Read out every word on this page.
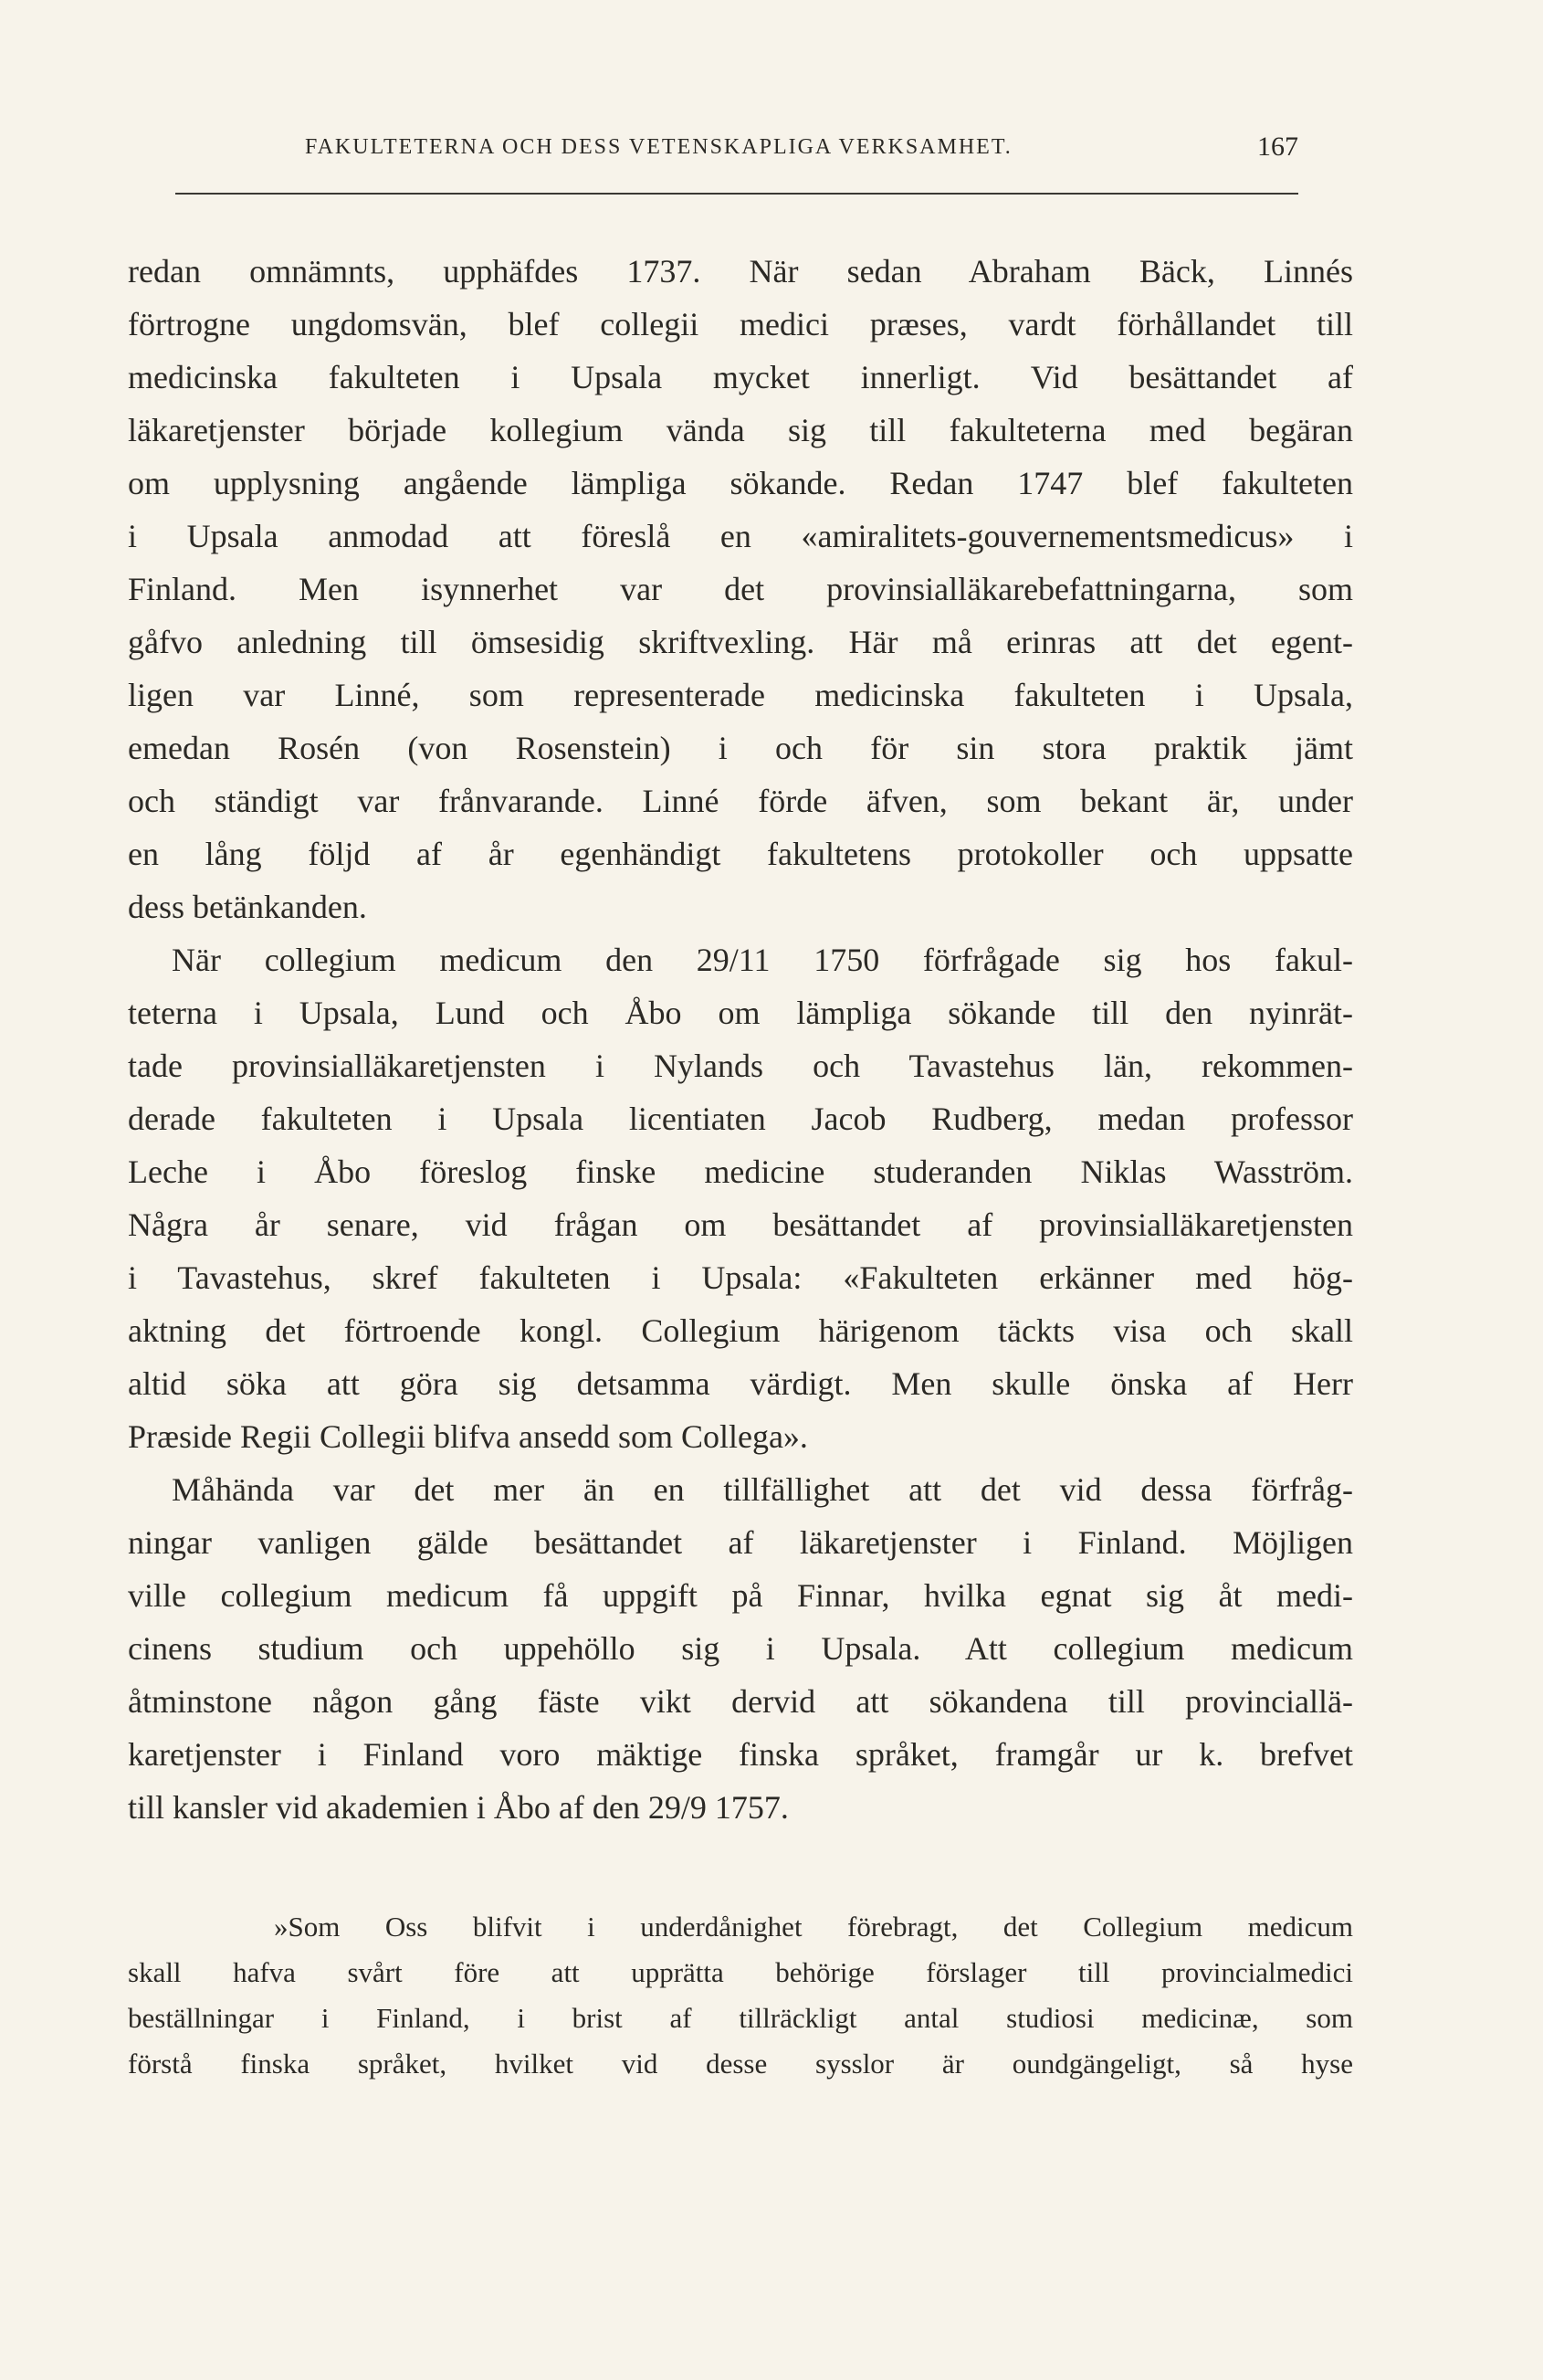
FAKULTETERNA OCH DESS VETENSKAPLIGA VERKSAMHET.	167
redan omnämnts, upphäfdes 1737. När sedan Abraham Bäck, Linnés
förtrogne ungdomsvän, blef collegii medici præses, vardt förhållandet till
medicinska fakulteten i Upsala mycket innerligt. Vid besättandet af
läkaretjenster började kollegium vända sig till fakulteterna med begäran
om upplysning angående lämpliga sökande. Redan 1747 blef fakulteten
i Upsala anmodad att föreslå en «amiralitets-gouvernementsmedicus» i
Finland. Men isynnerhet var det provinsialläkarebefattningarna, som
gåfvo anledning till ömsesidig skriftvexling. Här må erinras att det egent-
ligen var Linné, som representerade medicinska fakulteten i Upsala,
emedan Rosén (von Rosenstein) i och för sin stora praktik jämt
och ständigt var frånvarande. Linné förde äfven, som bekant är, under
en lång följd af år egenhändigt fakultetens protokoller och uppsatte
dess betänkanden.
När collegium medicum den 29/11 1750 förfrågade sig hos fakul-
teterna i Upsala, Lund och Åbo om lämpliga sökande till den nyinrät-
tade provinsialläkaretjensten i Nylands och Tavastehus län, rekommen-
derade fakulteten i Upsala licentiaten Jacob Rudberg, medan professor
Leche i Åbo föreslog finske medicine studeranden Niklas Wasström.
Några år senare, vid frågan om besättandet af provinsialläkaretjensten
i Tavastehus, skref fakulteten i Upsala: «Fakulteten erkänner med hög-
aktning det förtroende kongl. Collegium härigenom täckts visa och skall
altid söka att göra sig detsamma värdigt. Men skulle önska af Herr
Præside Regii Collegii blifva ansedd som Collega».
Måhända var det mer än en tillfällighet att det vid dessa förfråg-
ningar vanligen gälde besättandet af läkaretjenster i Finland. Möjligen
ville collegium medicum få uppgift på Finnar, hvilka egnat sig åt medi-
cinens studium och uppehöllo sig i Upsala. Att collegium medicum
åtminstone någon gång fäste vikt dervid att sökandena till provinciallä-
karetjenster i Finland voro mäktige finska språket, framgår ur k. brefvet
till kansler vid akademien i Åbo af den 29/9 1757.
»Som Oss blifvit i underdånighet förebragt, det Collegium medicum
skall hafva svårt före att upprätta behörige förslager till provincialmedici
beställningar i Finland, i brist af tillräckligt antal studiosi medicinæ, som
förstå finska språket, hvilket vid desse sysslor är oundgängeligt, så hyse
